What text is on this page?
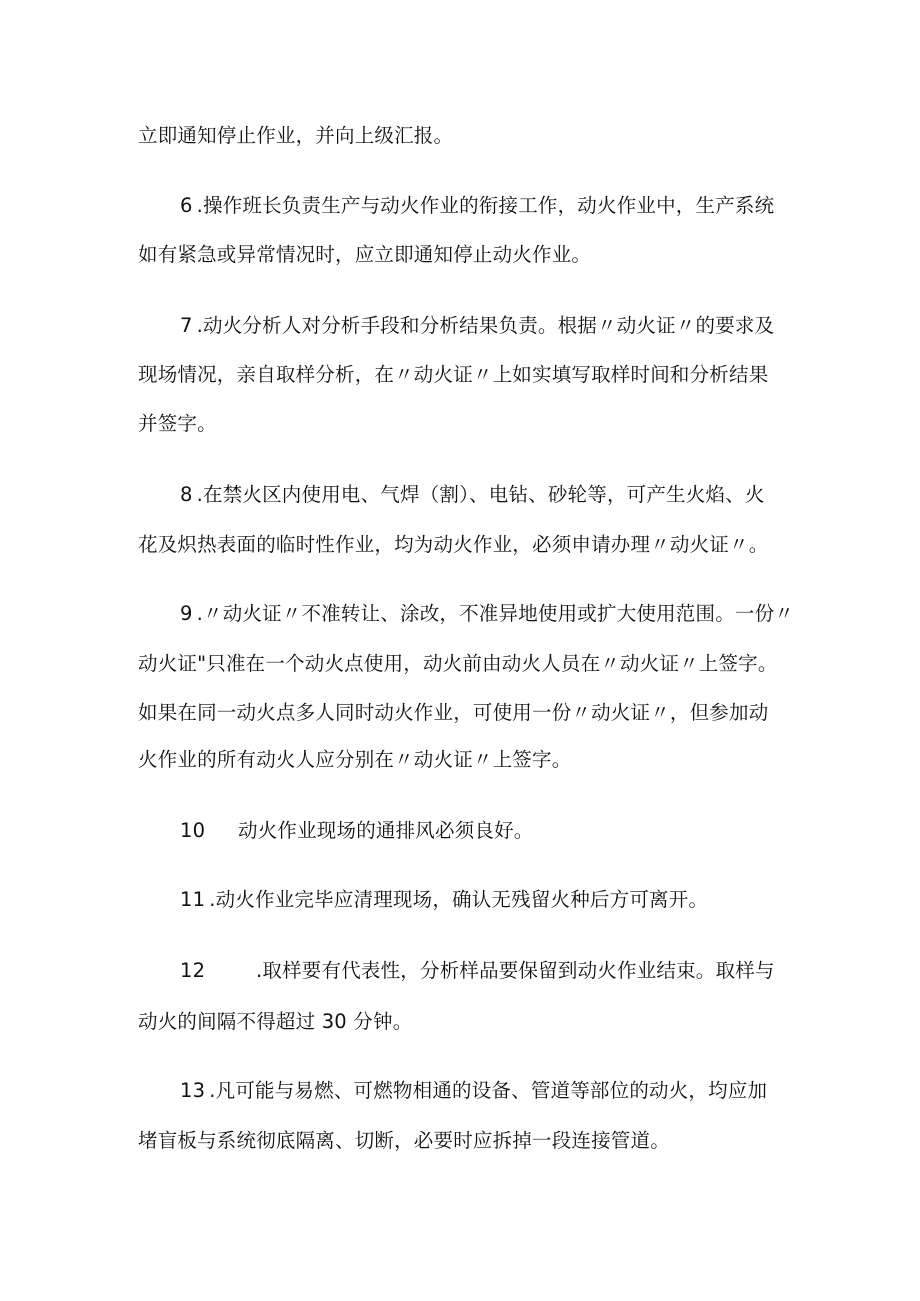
立即通知停止作业，并向上级汇报。
6 .操作班长负责生产与动火作业的衔接工作，动火作业中，生产系统
如有紧急或异常情况时，应立即通知停止动火作业。
7 .动火分析人对分析手段和分析结果负责。根据〃动火证〃的要求及
现场情况，亲自取样分析，在〃动火证〃上如实填写取样时间和分析结果
并签字。
8 .在禁火区内使用电、气焊（割）、电钻、砂轮等，可产生火焰、火
花及炽热表面的临时性作业，均为动火作业，必须申请办理〃动火证〃。
9 .〃动火证〃不准转让、涂改，不准异地使用或扩大使用范围。一份〃
动火证"只准在一个动火点使用，动火前由动火人员在〃动火证〃上签字。
如果在同一动火点多人同时动火作业，可使用一份〃动火证〃，但参加动
火作业的所有动火人应分别在〃动火证〃上签字。
10 动火作业现场的通排风必须良好。
11 .动火作业完毕应清理现场，确认无残留火种后方可离开。
12	.取样要有代表性，分析样品要保留到动火作业结束。取样与
动火的间隔不得超过 30 分钟。
13 .凡可能与易燃、可燃物相通的设备、管道等部位的动火，均应加
堵盲板与系统彻底隔离、切断，必要时应拆掉一段连接管道。
